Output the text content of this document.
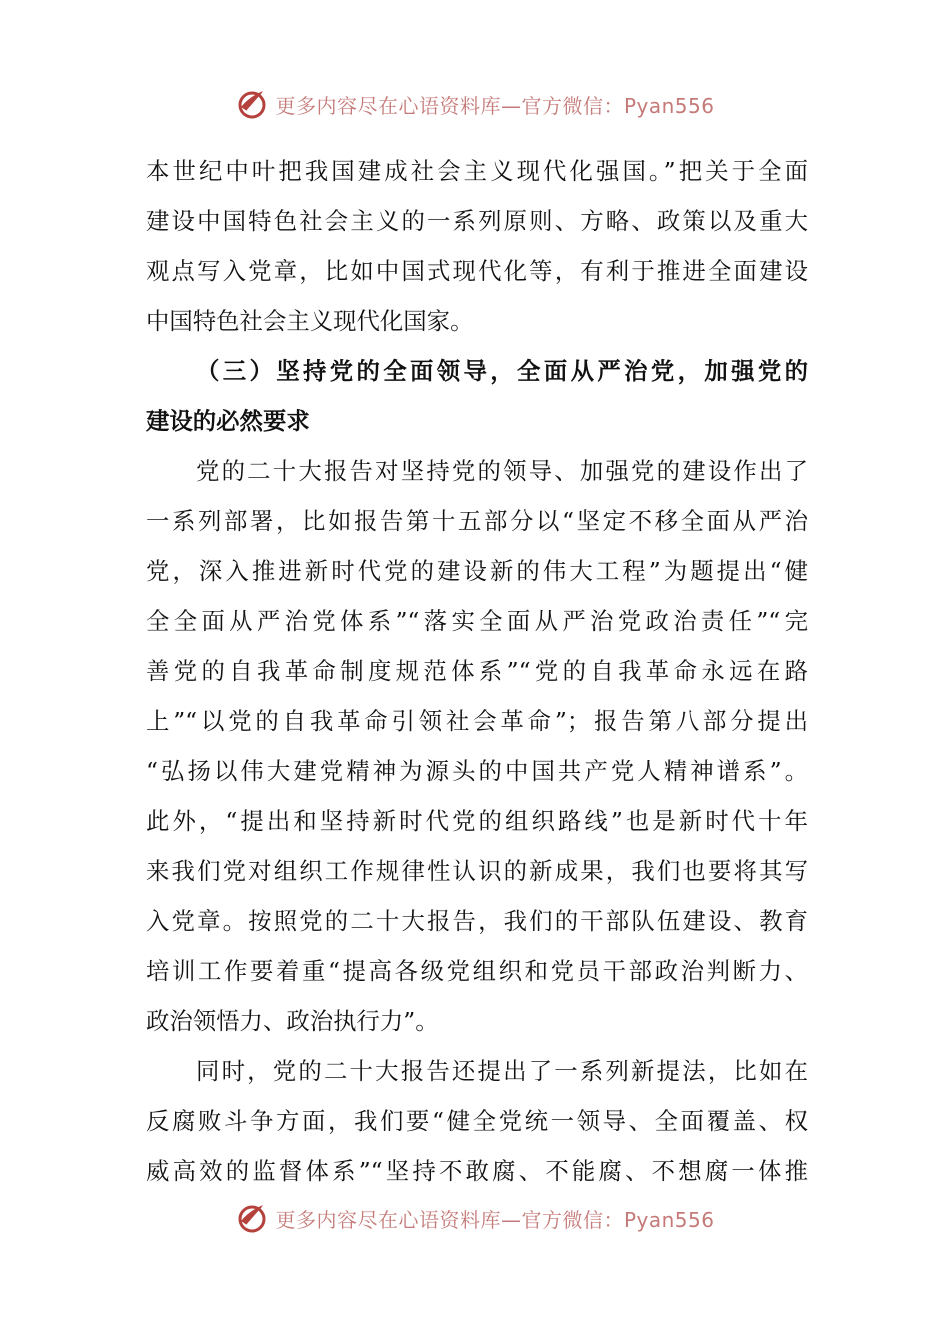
更多内容尽在心语资料库—官方微信：Pyan556
本世纪中叶把我国建成社会主义现代化强国。”把关于全面
建设中国特色社会主义的一系列原则、方略、政策以及重大
观点写入党章，比如中国式现代化等，有利于推进全面建设
中国特色社会主义现代化国家。
（三）坚持党的全面领导，全面从严治党，加强党的
建设的必然要求
党的二十大报告对坚持党的领导、加强党的建设作出了
一系列部署，比如报告第十五部分以“坚定不移全面从严治
党，深入推进新时代党的建设新的伟大工程”为题提出“健
全全面从严治党体系”“落实全面从严治党政治责任”“完
善党的自我革命制度规范体系”“党的自我革命永远在路
上”“以党的自我革命引领社会革命”；报告第八部分提出
“弘扬以伟大建党精神为源头的中国共产党人精神谱系”。
此外，“提出和坚持新时代党的组织路线”也是新时代十年
来我们党对组织工作规律性认识的新成果，我们也要将其写
入党章。按照党的二十大报告，我们的干部队伍建设、教育
培训工作要着重“提高各级党组织和党员干部政治判断力、
政治领悟力、政治执行力”。
同时，党的二十大报告还提出了一系列新提法，比如在
反腐败斗争方面，我们要“健全党统一领导、全面覆盖、权
威高效的监督体系”“坚持不敢腐、不能腐、不想腐一体推
更多内容尽在心语资料库—官方微信：Pyan556
